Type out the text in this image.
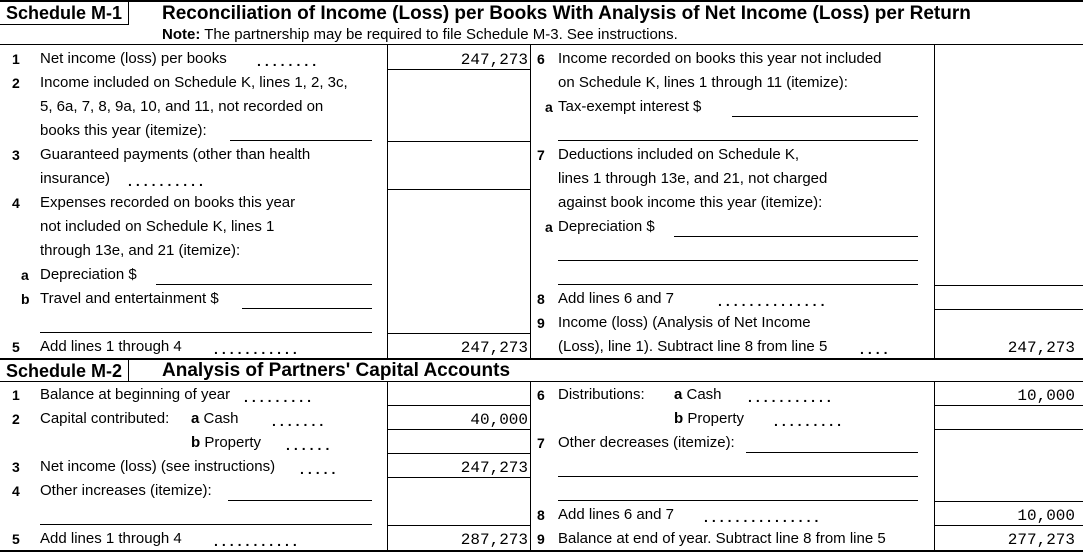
Schedule M-1	Reconciliation of Income (Loss) per Books With Analysis of Net Income (Loss) per Return
Note: The partnership may be required to file Schedule M-3. See instructions.
1 Net income (loss) per books ........	247,273
2 Income included on Schedule K, lines 1, 2, 3c,
5, 6a, 7, 8, 9a, 10, and 11, not recorded on
books this year (itemize):
3 Guaranteed payments (other than health
insurance) ..........
4 Expenses recorded on books this year
not included on Schedule K, lines 1
through 13e, and 21 (itemize):
a Depreciation $
b Travel and entertainment $
5 Add lines 1 through 4 ...........	247,273
6 Income recorded on books this year not included
on Schedule K, lines 1 through 11 (itemize):
a Tax-exempt interest $
7 Deductions included on Schedule K,
lines 1 through 13e, and 21, not charged
against book income this year (itemize):
a Depreciation $
8 Add lines 6 and 7	..............
9 Income (loss) (Analysis of Net Income
(Loss), line 1). Subtract line 8 from line 5 ....	247,273
Schedule M-2	Analysis of Partners' Capital Accounts
1 Balance at beginning of year .........
2 Capital contributed: a Cash .......	40,000
b Property ......
3 Net income (loss) (see instructions) .....	247,273
4 Other increases (itemize):
5 Add lines 1 through 4 ...........	287,273
6 Distributions: a Cash ...........	10,000
b Property .........
7 Other decreases (itemize):
8 Add lines 6 and 7 ...............	10,000
9 Balance at end of year. Subtract line 8 from line 5	277,273
